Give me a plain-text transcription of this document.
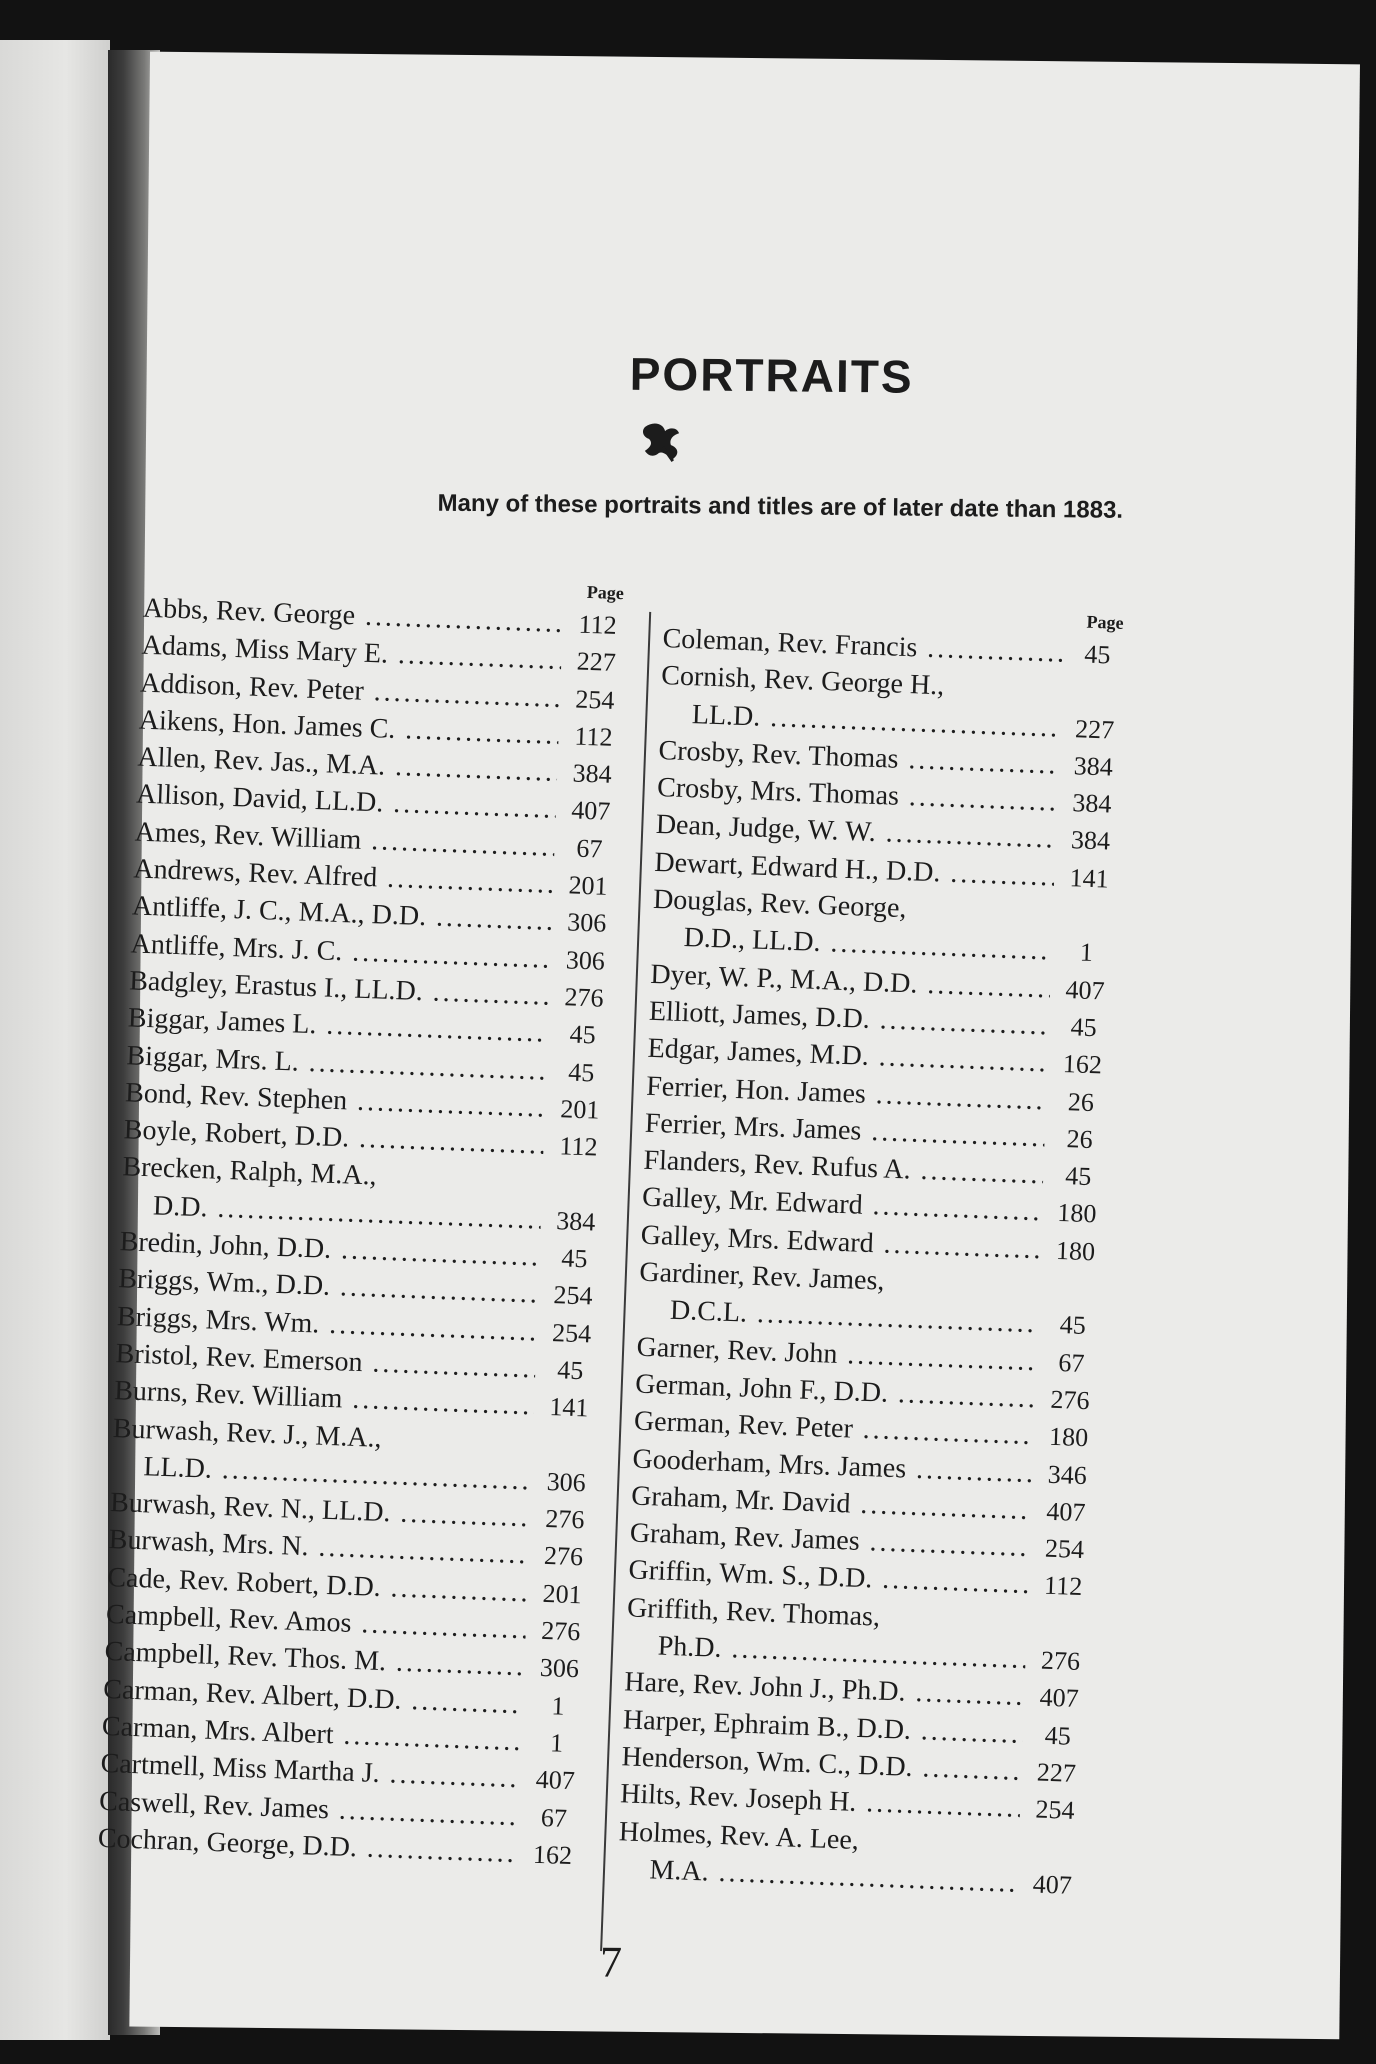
PORTRAITS
Many of these portraits and titles are of later date than 1883.
Page
Abbs, Rev. George .....	112
Adams, Miss Mary E. .....	227
Addison, Rev. Peter .....	254
Aikens, Hon. James C. .....	112
Allen, Rev. Jas., M.A. .....	384
Allison, David, LL.D. .....	407
Ames, Rev. William .....	67
Andrews, Rev. Alfred .....	201
Antliffe, J. C., M.A., D.D. .....	306
Antliffe, Mrs. J. C. .....	306
Badgley, Erastus I., LL.D. .....	276
Biggar, James L. .....	45
Biggar, Mrs. L. .....	45
Bond, Rev. Stephen .....	201
Boyle, Robert, D.D. .....	112
Brecken, Ralph, M.A.,
D.D. .....	384
Bredin, John, D.D. .....	45
Briggs, Wm., D.D. .....	254
Briggs, Mrs. Wm. .....	254
Bristol, Rev. Emerson .....	45
Burns, Rev. William .....	141
Burwash, Rev. J., M.A.,
LL.D. .....	306
Burwash, Rev. N., LL.D. .....	276
Burwash, Mrs. N. .....	276
Cade, Rev. Robert, D.D. .....	201
Campbell, Rev. Amos .....	276
Campbell, Rev. Thos. M. .....	306
Carman, Rev. Albert, D.D. .....	1
Carman, Mrs. Albert .....	1
Cartmell, Miss Martha J. .....	407
Caswell, Rev. James .....	67
Cochran, George, D.D. .....	162
Page
Coleman, Rev. Francis .....	45
Cornish, Rev. George H.,
LL.D. .....	227
Crosby, Rev. Thomas .....	384
Crosby, Mrs. Thomas .....	384
Dean, Judge, W. W. .....	384
Dewart, Edward H., D.D. .....	141
Douglas, Rev. George,
D.D., LL.D. .....	1
Dyer, W. P., M.A., D.D. .....	407
Elliott, James, D.D. .....	45
Edgar, James, M.D. .....	162
Ferrier, Hon. James .....	26
Ferrier, Mrs. James .....	26
Flanders, Rev. Rufus A. .....	45
Galley, Mr. Edward .....	180
Galley, Mrs. Edward .....	180
Gardiner, Rev. James,
D.C.L. .....	45
Garner, Rev. John .....	67
German, John F., D.D. .....	276
German, Rev. Peter .....	180
Gooderham, Mrs. James .....	346
Graham, Mr. David .....	407
Graham, Rev. James .....	254
Griffin, Wm. S., D.D. .....	112
Griffith, Rev. Thomas,
Ph.D. .....	276
Hare, Rev. John J., Ph.D. .....	407
Harper, Ephraim B., D.D. .....	45
Henderson, Wm. C., D.D. .....	227
Hilts, Rev. Joseph H. .....	254
Holmes, Rev. A. Lee,
M.A. .....	407
7
